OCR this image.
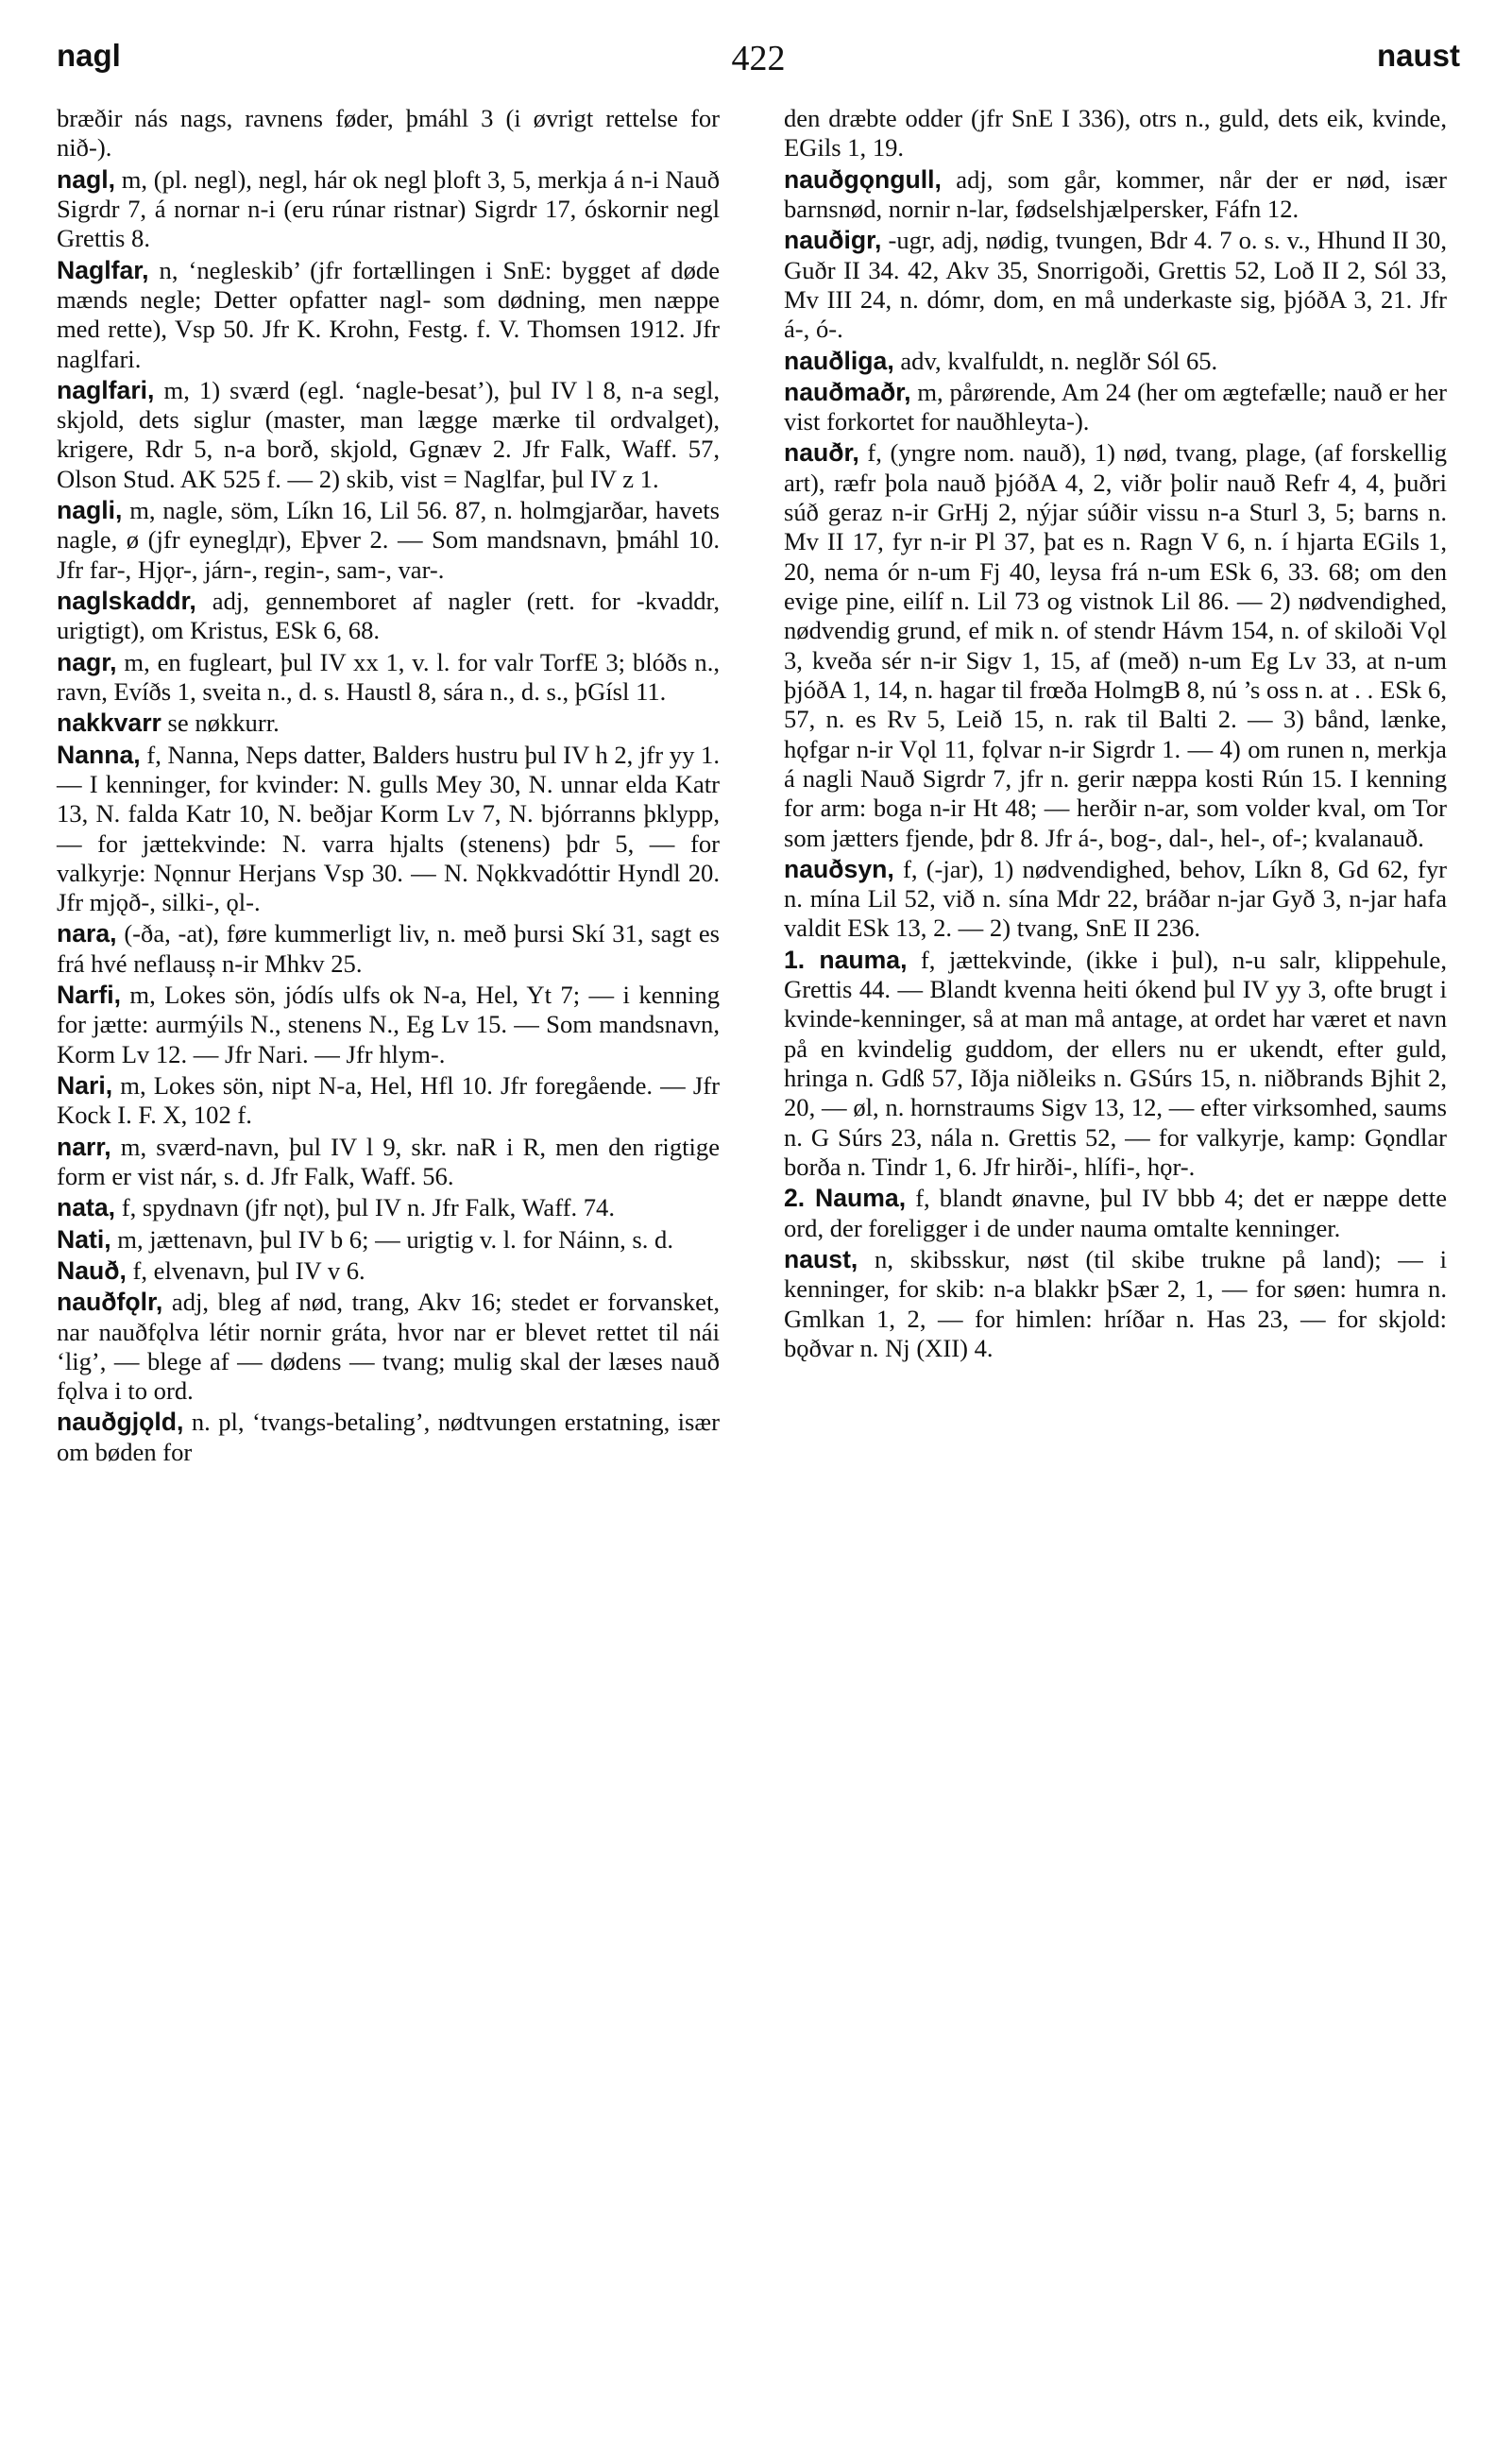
nagl	422	naust

bræðir nás nags, ravnens føder, þmáhl 3 (i øvrigt rettelse for nið-).

nagl, m, (pl. negl), negl, hár ok negl þloft 3, 5, merkja á n-i Nauð Sigrdr 7, á nornar n-i (eru rúnar ristnar) Sigrdr 17, óskornir negl Grettis 8.

Naglfar, n, ‘negleskib’ (jfr fortællingen i SnE: bygget af døde mænds negle; Detter opfatter nagl- som dødning, men næppe med rette), Vsp 50. Jfr K. Krohn, Festg. f. V. Thomsen 1912. Jfr naglfari.

naglfari, m, 1) sværd (egl. ‘nagle-besat’), þul IV l 8, n-a segl, skjold, dets siglur (master, man lægge mærke til ordvalget), krigere, Rdr 5, n-a borð, skjold, Ggnæv 2. Jfr Falk, Waff. 57, Olson Stud. AK 525 f. — 2) skib, vist = Naglfar, þul IV z 1.

nagli, m, nagle, söm, Líkn 16, Lil 56. 87, n. holmgjarðar, havets nagle, ø (jfr eyneglдr), Eþver 2. — Som mandsnavn, þmáhl 10. Jfr far-, Hjǫr-, járn-, regin-, sam-, var-.

naglskaddr, adj, gennemboret af nagler (rett. for -kvaddr, urigtigt), om Kristus, ESk 6, 68.

nagr, m, en fugleart, þul IV xx 1, v. l. for valr TorfE 3; blóðs n., ravn, Evíðs 1, sveita n., d. s. Haustl 8, sára n., d. s., þGísl 11.

nakkvarr se nøkkurr.

Nanna, f, Nanna, Neps datter, Balders hustru þul IV h 2, jfr yy 1. — I kenninger, for kvinder: N. gulls Mey 30, N. unnar elda Katr 13, N. falda Katr 10, N. beðjar Korm Lv 7, N. bjórranns þklypp, — for jættekvinde: N. varra hjalts (stenens) þdr 5, — for valkyrje: Nǫnnur Herjans Vsp 30. — N. Nǫkkvadóttir Hyndl 20. Jfr mjǫð-, silki-, ǫl-.

nara, (-ða, -at), føre kummerligt liv, n. með þursi Skí 31, sagt es frá hvé neflausș n-ir Mhkv 25.

Narfi, m, Lokes sön, jódís ulfs ok N-a, Hel, Yt 7; — i kenning for jætte: aurmýils N., stenens N., Eg Lv 15. — Som mandsnavn, Korm Lv 12. — Jfr Nari. — Jfr hlym-.

Nari, m, Lokes sön, nipt N-a, Hel, Hfl 10. Jfr foregående. — Jfr Kock I. F. X, 102 f.

narr, m, sværd-navn, þul IV l 9, skr. naR i R, men den rigtige form er vist nár, s. d. Jfr Falk, Waff. 56.

nata, f, spydnavn (jfr nǫt), þul IV n. Jfr Falk, Waff. 74.

Nati, m, jættenavn, þul IV b 6; — urigtig v. l. for Náinn, s. d.

Nauð, f, elvenavn, þul IV v 6.

nauðfǫlr, adj, bleg af nød, trang, Akv 16; stedet er forvansket, nar nauðfǫlva létir nornir gráta, hvor nar er blevet rettet til nái ‘lig’, — blege af — dødens — tvang; mulig skal der læses nauð fǫlva i to ord.

nauðgjǫld, n. pl, ‘tvangs-betaling’, nødtvungen erstatning, især om bøden for

den dræbte odder (jfr SnE I 336), otrs n., guld, dets eik, kvinde, EGils 1, 19.

nauðgǫngull, adj, som går, kommer, når der er nød, især barnsnød, nornir n-lar, fødselshjælpersker, Fáfn 12.

nauðigr, -ugr, adj, nødig, tvungen, Bdr 4. 7 o. s. v., Hhund II 30, Guðr II 34. 42, Akv 35, Snorrigoði, Grettis 52, Lоð II 2, Sól 33, Mv III 24, n. dómr, dom, en må underkaste sig, þjóðA 3, 21. Jfr á-, ó-.

nauðliga, adv, kvalfuldt, n. neglðr Sól 65.

nauðmaðr, m, pårørende, Am 24 (her om ægtefælle; nauð er her vist forkortet for nauðhleyta-).

nauðr, f, (yngre nom. nauð), 1) nød, tvang, plage, (af forskellig art), ræfr þola nauð þjóðA 4, 2, viðr þolir nauð Refr 4, 4, þuðri súð geraz n-ir GrHj 2, nýjar súðir vissu n-a Sturl 3, 5; barns n. Mv II 17, fyr n-ir Pl 37, þat es n. Ragn V 6, n. í hjarta EGils 1, 20, nema ór n-um Fj 40, leysa frá n-um ESk 6, 33. 68; om den evige pine, eilíf n. Lil 73 og vistnok Lil 86. — 2) nødvendighed, nødvendig grund, ef mik n. of stendr Hávm 154, n. of skiloði Vǫl 3, kveða sér n-ir Sigv 1, 15, af (með) n-um Eg Lv 33, at n-um þjóðA 1, 14, n. hagar til frœða HolmgB 8, nú ’s oss n. at . . ESk 6, 57, n. es Rv 5, Leið 15, n. rak til Balti 2. — 3) bånd, lænke, hǫfgar n-ir Vǫl 11, fǫlvar n-ir Sigrdr 1. — 4) om runen n, merkja á nagli Nauð Sigrdr 7, jfr n. gerir næppa kosti Rún 15. I kenning for arm: boga n-ir Ht 48; — herðir n-ar, som volder kval, om Tor som jætters fjende, þdr 8. Jfr á-, bog-, dal-, hel-, of-; kvalanauð.

nauðsyn, f, (-jar), 1) nødvendighed, behov, Líkn 8, Gd 62, fyr n. mína Lil 52, við n. sína Mdr 22, bráðar n-jar Gyð 3, n-jar hafa valdit ESk 13, 2. — 2) tvang, SnE II 236.

1. nauma, f, jættekvinde, (ikke i þul), n-u salr, klippehule, Grettis 44. — Blandt kvenna heiti ókend þul IV yy 3, ofte brugt i kvinde-kenninger, så at man må antage, at ordet har været et navn på en kvindelig guddom, der ellers nu er ukendt, efter guld, hringa n. Gdß 57, Iðja niðleiks n. GSúrs 15, n. niðbrands Bjhit 2, 20, — øl, n. hornstraums Sigv 13, 12, — efter virksomhed, saums n. G Súrs 23, nála n. Grettis 52, — for valkyrje, kamp: Gǫndlar borða n. Tindr 1, 6. Jfr hirði-, hlífi-, hǫr-.

2. Nauma, f, blandt ønavne, þul IV bbb 4; det er næppe dette ord, der foreligger i de under nauma omtalte kenninger.

naust, n, skibsskur, nøst (til skibe trukne på land); — i kenninger, for skib: n-a blakkr þSær 2, 1, — for søen: humra n. Gmlkan 1, 2, — for himlen: hríðar n. Has 23, — for skjold: bǫðvar n. Nj (XII) 4.
